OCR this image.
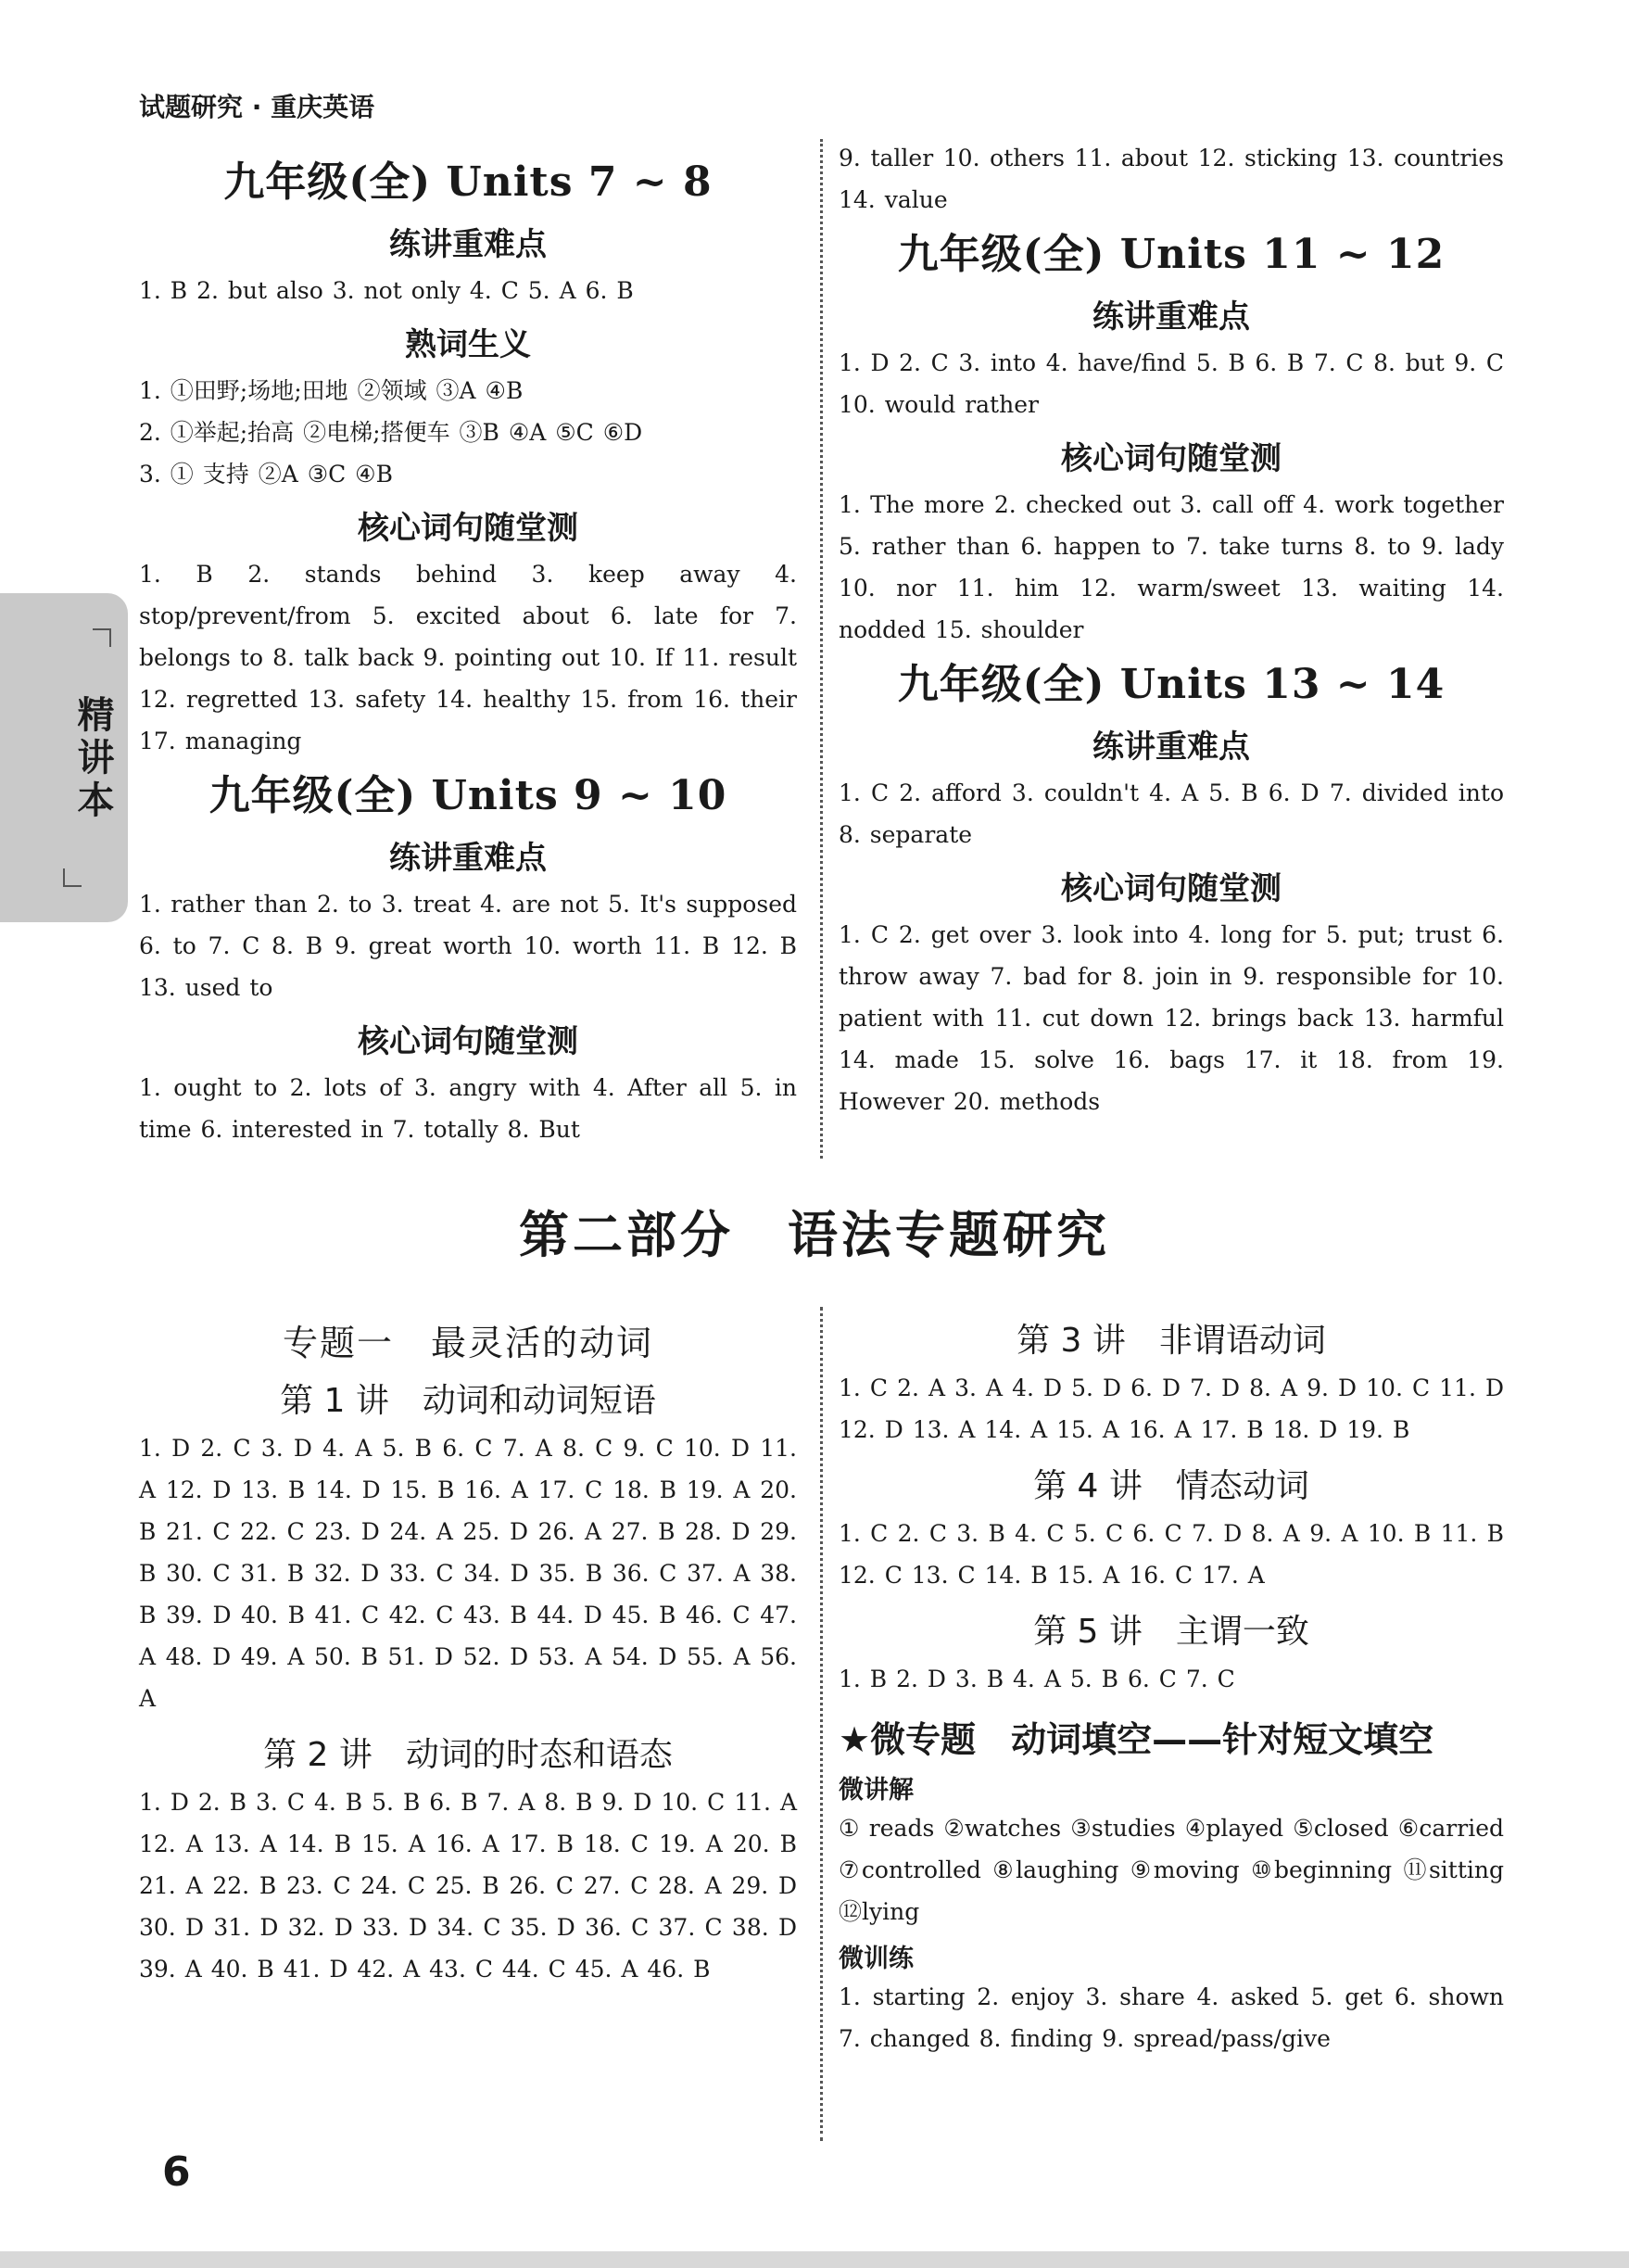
试题研究 · 重庆英语
精讲本
九年级(全) Units 7 ~ 8
练讲重难点
1. B 2. but also 3. not only 4. C 5. A 6. B
熟词生义
1. ①田野;场地;田地 ②领域 ③A ④B
2. ①举起;抬高 ②电梯;搭便车 ③B ④A ⑤C ⑥D
3. ① 支持 ②A ③C ④B
核心词句随堂测
1. B 2. stands behind 3. keep away 4. stop/prevent/from 5. excited about 6. late for 7. belongs to 8. talk back 9. pointing out 10. If 11. result 12. regretted 13. safety 14. healthy 15. from 16. their 17. managing
九年级(全) Units 9 ~ 10
练讲重难点
1. rather than 2. to 3. treat 4. are not 5. It's supposed 6. to 7. C 8. B 9. great worth 10. worth 11. B 12. B 13. used to
核心词句随堂测
1. ought to 2. lots of 3. angry with 4. After all 5. in time 6. interested in 7. totally 8. But
9. taller 10. others 11. about 12. sticking 13. countries 14. value
九年级(全) Units 11 ~ 12
练讲重难点
1. D 2. C 3. into 4. have/find 5. B 6. B 7. C 8. but 9. C 10. would rather
核心词句随堂测
1. The more 2. checked out 3. call off 4. work together 5. rather than 6. happen to 7. take turns 8. to 9. lady 10. nor 11. him 12. warm/sweet 13. waiting 14. nodded 15. shoulder
九年级(全) Units 13 ~ 14
练讲重难点
1. C 2. afford 3. couldn't 4. A 5. B 6. D 7. divided into 8. separate
核心词句随堂测
1. C 2. get over 3. look into 4. long for 5. put; trust 6. throw away 7. bad for 8. join in 9. responsible for 10. patient with 11. cut down 12. brings back 13. harmful 14. made 15. solve 16. bags 17. it 18. from 19. However 20. methods
第二部分　语法专题研究
专题一　最灵活的动词
第 1 讲　动词和动词短语
1. D 2. C 3. D 4. A 5. B 6. C 7. A 8. C 9. C 10. D 11. A 12. D 13. B 14. D 15. B 16. A 17. C 18. B 19. A 20. B 21. C 22. C 23. D 24. A 25. D 26. A 27. B 28. D 29. B 30. C 31. B 32. D 33. C 34. D 35. B 36. C 37. A 38. B 39. D 40. B 41. C 42. C 43. B 44. D 45. B 46. C 47. A 48. D 49. A 50. B 51. D 52. D 53. A 54. D 55. A 56. A
第 2 讲　动词的时态和语态
1. D 2. B 3. C 4. B 5. B 6. B 7. A 8. B 9. D 10. C 11. A 12. A 13. A 14. B 15. A 16. A 17. B 18. C 19. A 20. B 21. A 22. B 23. C 24. C 25. B 26. C 27. C 28. A 29. D 30. D 31. D 32. D 33. D 34. C 35. D 36. C 37. C 38. D 39. A 40. B 41. D 42. A 43. C 44. C 45. A 46. B
第 3 讲　非谓语动词
1. C 2. A 3. A 4. D 5. D 6. D 7. D 8. A 9. D 10. C 11. D 12. D 13. A 14. A 15. A 16. A 17. B 18. D 19. B
第 4 讲　情态动词
1. C 2. C 3. B 4. C 5. C 6. C 7. D 8. A 9. A 10. B 11. B 12. C 13. C 14. B 15. A 16. C 17. A
第 5 讲　主谓一致
1. B 2. D 3. B 4. A 5. B 6. C 7. C
★微专题　动词填空——针对短文填空
微讲解
① reads ②watches ③studies ④played ⑤closed ⑥carried ⑦controlled ⑧laughing ⑨moving ⑩beginning ⑪sitting ⑫lying
微训练
1. starting 2. enjoy 3. share 4. asked 5. get 6. shown 7. changed 8. finding 9. spread/pass/give
6
